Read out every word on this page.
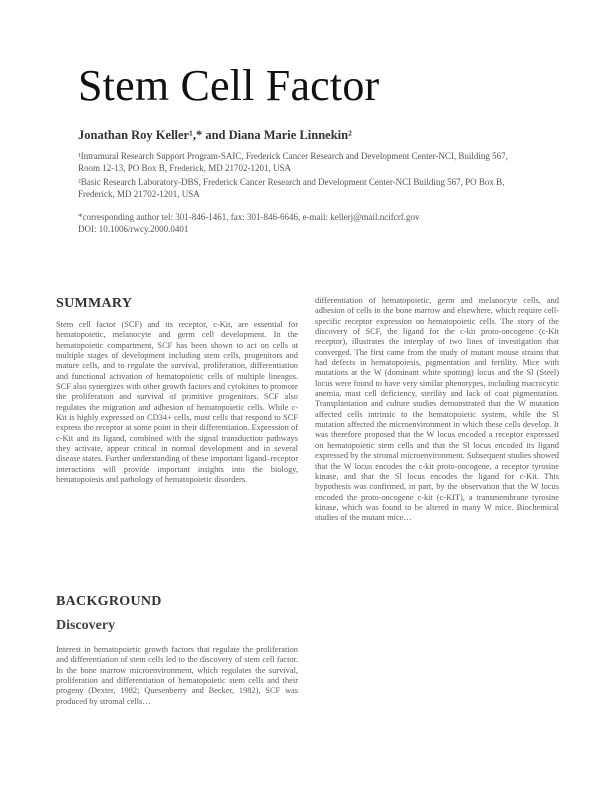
Stem Cell Factor
Jonathan Roy Keller¹,* and Diana Marie Linnekin²
¹Intramural Research Support Program-SAIC, Frederick Cancer Research and Development Center-NCI, Building 567, Room 12-13, PO Box B, Frederick, MD 21702-1201, USA
²Basic Research Laboratory-DBS, Frederick Cancer Research and Development Center-NCI Building 567, PO Box B, Frederick, MD 21702-1201, USA
*corresponding author tel: 301-846-1461, fax: 301-846-6646, e-mail: kellerj@mail.ncifcrf.gov
DOI: 10.1006/rwcy.2000.0401
SUMMARY

Stem cell factor (SCF) and its receptor, c-Kit, are essential for hematopoietic, melanocyte and germ cell development. In the hematopoietic compartment, SCF has been shown to act on cells at multiple stages of development including stem cells, progenitors and mature cells, and to regulate the survival, proliferation, differentiation and functional activation of hematopoietic cells of multiple lineages. SCF also synergizes with other growth factors and cytokines to promote the proliferation and survival of primitive progenitors. SCF also regulates the migration and adhesion of hematopoietic cells. While c-Kit is highly expressed on CD34+ cells, most cells that respond to SCF express the receptor at some point in their differentiation. Expression of c-Kit and its ligand, combined with the signal transduction pathways they activate, appear critical in normal development and in several disease states. Further understanding of these important ligand–receptor interactions will provide important insights into the biology, hematopoiesis and pathology of hematopoietic disorders.

differentiation of hematopoietic, germ and melanocyte cells, and adhesion of cells in the bone marrow and elsewhere, which require cell-specific receptor expression on hematopoietic cells. The story of the discovery of SCF, the ligand for the c-kit proto-oncogene (c-Kit receptor), illustrates the interplay of two lines of investigation that converged. The first came from the study of mutant mouse strains that had defects in hematopoiesis, pigmentation and fertility. Mice with mutations at the W (dominant white spotting) locus and the Sl (Steel) locus were found to have very similar phenotypes, including macrocytic anemia, mast cell deficiency, sterility and lack of coat pigmentation. Transplantation and culture studies demonstrated that the W mutation affected cells intrinsic to the hematopoietic system, while the Sl mutation affected the microenvironment in which these cells develop. It was therefore proposed that the W locus encoded a receptor expressed on hematopoietic stem cells and that the Sl locus encoded its ligand expressed by the stromal microenvironment. Subsequent studies showed that the W locus encodes the c-kit proto-oncogene, a receptor tyrosine kinase, and that the Sl locus encodes the ligand for c-Kit. This hypothesis was confirmed, in part, by the observation that the W locus encoded the proto-oncogene c-kit (c-KIT), a transmembrane tyrosine kinase, which was found to be altered in many W mice. Biochemical studies of the mutant mice…

BACKGROUND
Discovery

Interest in hematopoietic growth factors that regulate the proliferation and differentiation of stem cells led to the discovery of stem cell factor. In the bone marrow microenvironment, which regulates the survival, proliferation and differentiation of hematopoietic stem cells and their progeny (Dexter, 1982; Quesenberry and Becker, 1982), SCF was produced by stromal cells…
